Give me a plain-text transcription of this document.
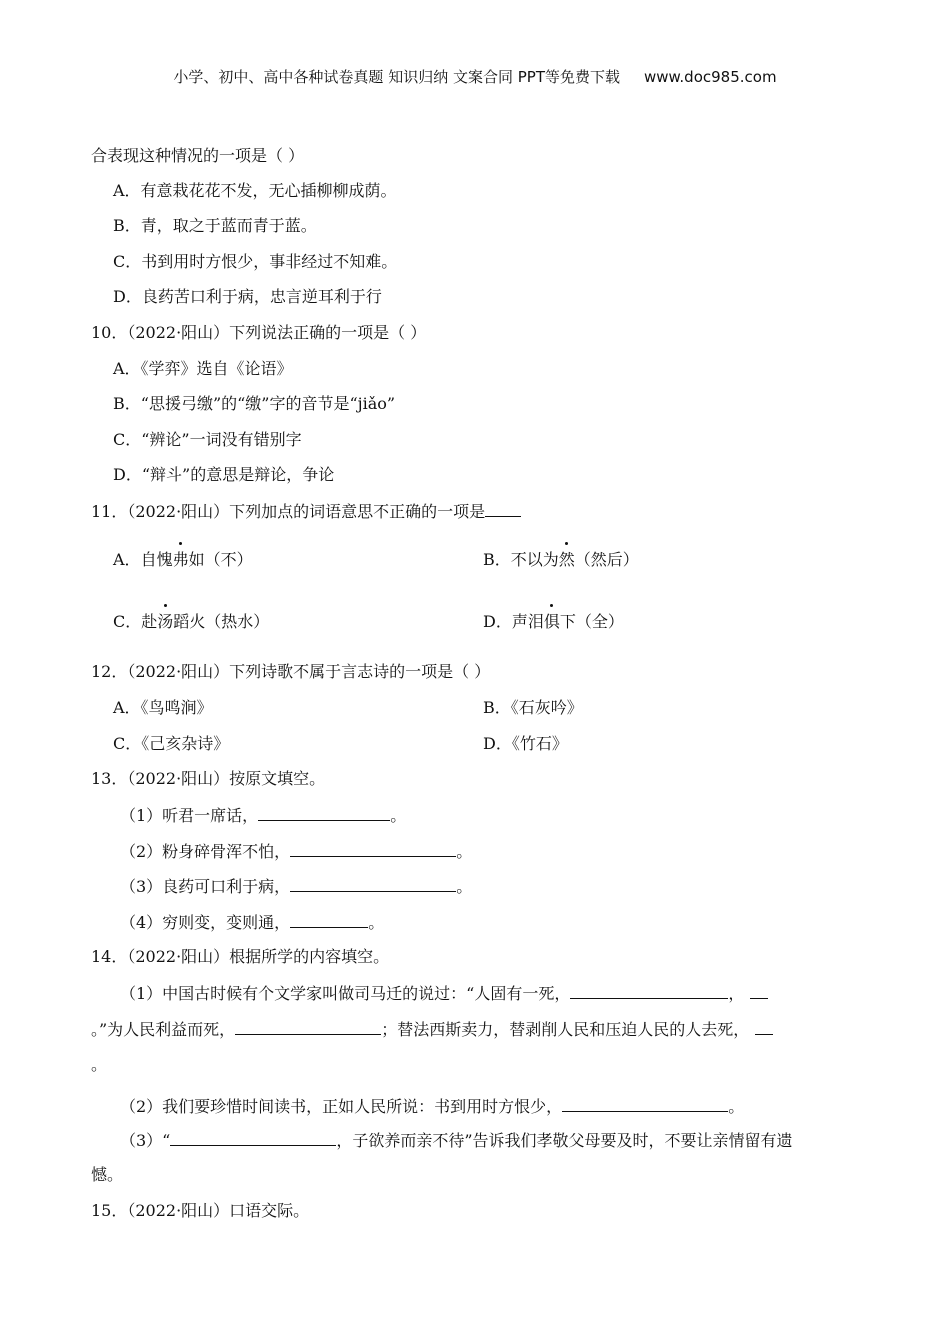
小学、初中、高中各种试卷真题 知识归纳 文案合同 PPT等免费下载 www.doc985.com
合表现这种情况的一项是（ ）
A．有意栽花花不发，无心插柳柳成荫。
B．青，取之于蓝而青于蓝。
C．书到用时方恨少，事非经过不知难。
D．良药苦口利于病，忠言逆耳利于行
10．（2022·阳山）下列说法正确的一项是（ ）
A．《学弈》选自《论语》
B．“思援弓缴”的“缴”字的音节是“jiǎo”
C．“辨论”一词没有错别字
D．“辩斗”的意思是辩论，争论
11．（2022·阳山）下列加点的词语意思不正确的一项是
A．自愧弗如（不）	B．不以为然（然后）
C．赴汤蹈火（热水）	D．声泪俱下（全）
12．（2022·阳山）下列诗歌不属于言志诗的一项是（ ）
A．《鸟鸣涧》	B．《石灰吟》
C．《己亥杂诗》	D．《竹石》
13．（2022·阳山）按原文填空。
（1）听君一席话，	。
（2）粉身碎骨浑不怕，	。
（3）良药可口利于病，	。
（4）穷则变，变则通，	。
14．（2022·阳山）根据所学的内容填空。
（1）中国古时候有个文学家叫做司马迁的说过：“人固有一死，	，
。”为人民利益而死，	；替法西斯卖力，替剥削人民和压迫人民的人去死，
。
（2）我们要珍惜时间读书，正如人民所说：书到用时方恨少，	。
（3）“	，子欲养而亲不待”告诉我们孝敬父母要及时，不要让亲情留有遗
憾。
15．（2022·阳山）口语交际。
